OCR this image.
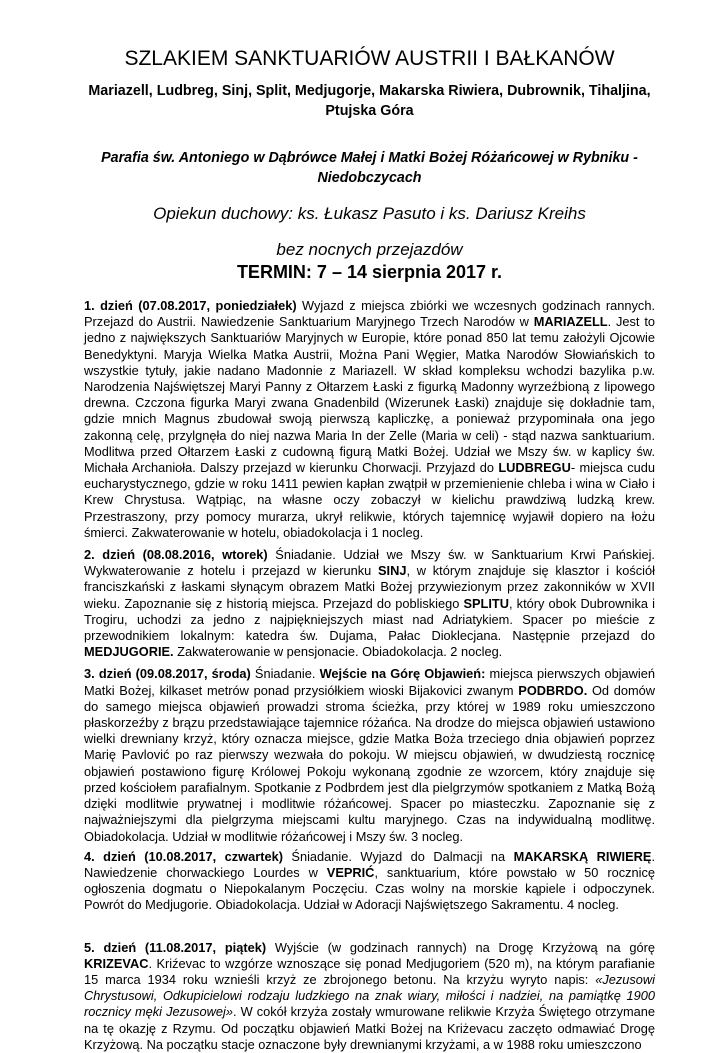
SZLAKIEM SANKTUARIÓW AUSTRII I BAŁKANÓW
Mariazell, Ludbreg, Sinj, Split, Medjugorje, Makarska Riwiera, Dubrownik, Tihaljina, Ptujska Góra
Parafia św. Antoniego w Dąbrówce Małej i Matki Bożej Różańcowej w Rybniku - Niedobczycach
Opiekun duchowy: ks. Łukasz Pasuto i ks. Dariusz Kreihs
bez nocnych przejazdów
TERMIN: 7 – 14 sierpnia 2017 r.

1. dzień (07.08.2017, poniedziałek) Wyjazd z miejsca zbiórki we wczesnych godzinach rannych. Przejazd do Austrii. Nawiedzenie Sanktuarium Maryjnego Trzech Narodów w MARIAZELL. Jest to jedno z największych Sanktuariów Maryjnych w Europie, które ponad 850 lat temu założyli Ojcowie Benedyktyni. Maryja Wielka Matka Austrii, Można Pani Węgier, Matka Narodów Słowiańskich to wszystkie tytuły, jakie nadano Madonnie z Mariazell. W skład kompleksu wchodzi bazylika p.w. Narodzenia Najświętszej Maryi Panny z Ołtarzem Łaski z figurką Madonny wyrzeźbioną z lipowego drewna. Czczona figurka Maryi zwana Gnadenbild (Wizerunek Łaski) znajduje się dokładnie tam, gdzie mnich Magnus zbudował swoją pierwszą kapliczkę, a ponieważ przypominała ona jego zakonną celę, przylgnęła do niej nazwa Maria In der Zelle (Maria w celi) - stąd nazwa sanktuarium. Modlitwa przed Ołtarzem Łaski z cudowną figurą Matki Bożej. Udział we Mszy św. w kaplicy św. Michała Archanioła. Dalszy przejazd w kierunku Chorwacji. Przyjazd do LUDBREGU- miejsca cudu eucharystycznego, gdzie w roku 1411 pewien kapłan zwątpił w przemienienie chleba i wina w Ciało i Krew Chrystusa. Wątpiąc, na własne oczy zobaczył w kielichu prawdziwą ludzką krew. Przestraszony, przy pomocy murarza, ukrył relikwie, których tajemnicę wyjawił dopiero na łożu śmierci. Zakwaterowanie w hotelu, obiadokolacja i 1 nocleg.

2. dzień (08.08.2016, wtorek) Śniadanie. Udział we Mszy św. w Sanktuarium Krwi Pańskiej. Wykwaterowanie z hotelu i przejazd w kierunku SINJ, w którym znajduje się klasztor i kościół franciszkański z łaskami słynącym obrazem Matki Bożej przywiezionym przez zakonników w XVII wieku. Zapoznanie się z historią miejsca. Przejazd do pobliskiego SPLITU, który obok Dubrownika i Trogiru, uchodzi za jedno z najpiękniejszych miast nad Adriatykiem. Spacer po mieście z przewodnikiem lokalnym: katedra św. Dujama, Pałac Dioklecjana. Następnie przejazd do MEDJUGORIE. Zakwaterowanie w pensjonacie. Obiadokolacja. 2 nocleg.

3. dzień (09.08.2017, środa) Śniadanie. Wejście na Górę Objawień: miejsca pierwszych objawień Matki Bożej, kilkaset metrów ponad przysiółkiem wioski Bijakovici zwanym PODBRDO. Od domów do samego miejsca objawień prowadzi stroma ścieżka, przy której w 1989 roku umieszczono płaskorzeźby z brązu przedstawiające tajemnice różańca. Na drodze do miejsca objawień ustawiono wielki drewniany krzyż, który oznacza miejsce, gdzie Matka Boża trzeciego dnia objawień poprzez Marię Pavlović po raz pierwszy wezwała do pokoju. W miejscu objawień, w dwudziestą rocznicę objawień postawiono figurę Królowej Pokoju wykonaną zgodnie ze wzorcem, który znajduje się przed kościołem parafialnym. Spotkanie z Podbrdem jest dla pielgrzymów spotkaniem z Matką Bożą dzięki modlitwie prywatnej i modlitwie różańcowej. Spacer po miasteczku. Zapoznanie się z najważniejszymi dla pielgrzyma miejscami kultu maryjnego. Czas na indywidualną modlitwę. Obiadokolacja. Udział w modlitwie różańcowej i Mszy św. 3 nocleg.

4. dzień (10.08.2017, czwartek) Śniadanie. Wyjazd do Dalmacji na MAKARSKĄ RIWIERĘ. Nawiedzenie chorwackiego Lourdes w VEPRIĆ, sanktuarium, które powstało w 50 rocznicę ogłoszenia dogmatu o Niepokalanym Poczęciu. Czas wolny na morskie kąpiele i odpoczynek. Powrót do Medjugorie. Obiadokolacja. Udział w Adoracji Najświętszego Sakramentu. 4 nocleg.

5. dzień (11.08.2017, piątek) Wyjście (w godzinach rannych) na Drogę Krzyżową na górę KRIZEVAC. Kriźevac to wzgórze wznoszące się ponad Medjugoriem (520 m), na którym parafianie 15 marca 1934 roku wznieśli krzyż ze zbrojonego betonu. Na krzyżu wyryto napis: «Jezusowi Chrystusowi, Odkupicielowi rodzaju ludzkiego na znak wiary, miłości i nadziei, na pamiątkę 1900 rocznicy męki Jezusowej». W cokół krzyża zostały wmurowane relikwie Krzyża Świętego otrzymane na tę okazję z Rzymu. Od początku objawień Matki Bożej na Kriżevacu zaczęto odmawiać Drogę Krzyżową. Na początku stacje oznaczone były drewnianymi krzyżami, a w 1988 roku umieszczono
